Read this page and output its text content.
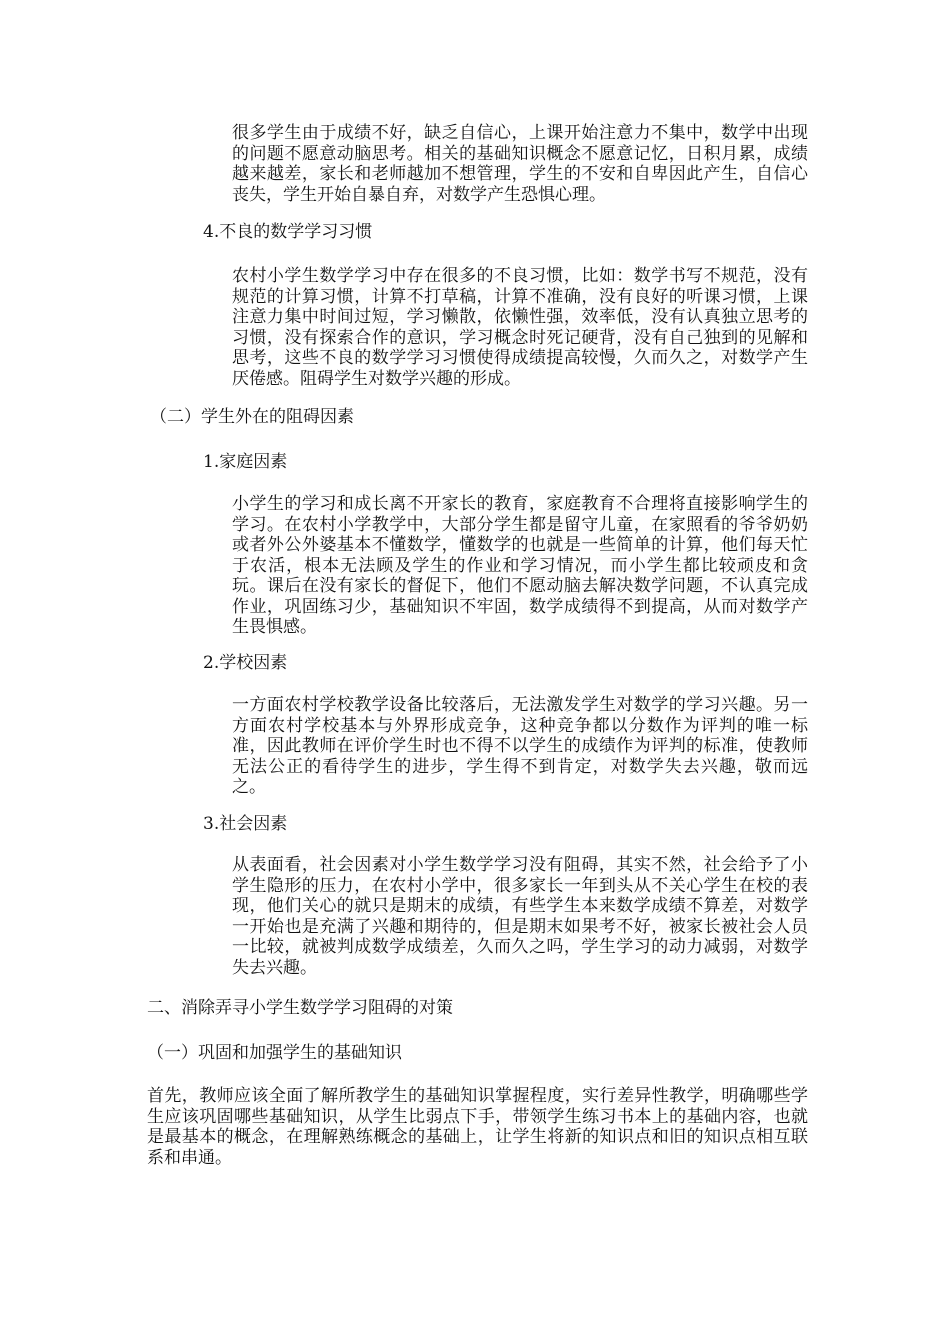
很多学生由于成绩不好，缺乏自信心，上课开始注意力不集中，数学中出现的问题不愿意动脑思考。相关的基础知识概念不愿意记忆，日积月累，成绩越来越差，家长和老师越加不想管理，学生的不安和自卑因此产生，自信心丧失，学生开始自暴自弃，对数学产生恐惧心理。

4.不良的数学学习习惯

农村小学生数学学习中存在很多的不良习惯，比如：数学书写不规范，没有规范的计算习惯，计算不打草稿，计算不准确，没有良好的听课习惯，上课注意力集中时间过短，学习懒散，依懒性强，效率低，没有认真独立思考的习惯，没有探索合作的意识，学习概念时死记硬背，没有自己独到的见解和思考，这些不良的数学学习习惯使得成绩提高较慢，久而久之，对数学产生厌倦感。阻碍学生对数学兴趣的形成。

（二）学生外在的阻碍因素

1.家庭因素

小学生的学习和成长离不开家长的教育，家庭教育不合理将直接影响学生的学习。在农村小学教学中，大部分学生都是留守儿童，在家照看的爷爷奶奶或者外公外婆基本不懂数学，懂数学的也就是一些简单的计算，他们每天忙于农活，根本无法顾及学生的作业和学习情况，而小学生都比较顽皮和贪玩。课后在没有家长的督促下，他们不愿动脑去解决数学问题，不认真完成作业，巩固练习少，基础知识不牢固，数学成绩得不到提高，从而对数学产生畏惧感。

2.学校因素

一方面农村学校教学设备比较落后，无法激发学生对数学的学习兴趣。另一方面农村学校基本与外界形成竞争，这种竞争都以分数作为评判的唯一标准，因此教师在评价学生时也不得不以学生的成绩作为评判的标准，使教师无法公正的看待学生的进步，学生得不到肯定，对数学失去兴趣，敬而远之。

3.社会因素

从表面看，社会因素对小学生数学学习没有阻碍，其实不然，社会给予了小学生隐形的压力，在农村小学中，很多家长一年到头从不关心学生在校的表现，他们关心的就只是期末的成绩，有些学生本来数学成绩不算差，对数学一开始也是充满了兴趣和期待的，但是期末如果考不好，被家长被社会人员一比较，就被判成数学成绩差，久而久之吗，学生学习的动力减弱，对数学失去兴趣。

二、消除弄寻小学生数学学习阻碍的对策

（一）巩固和加强学生的基础知识

首先，教师应该全面了解所教学生的基础知识掌握程度，实行差异性教学，明确哪些学生应该巩固哪些基础知识，从学生比弱点下手，带领学生练习书本上的基础内容，也就是最基本的概念，在理解熟练概念的基础上，让学生将新的知识点和旧的知识点相互联系和串通。
